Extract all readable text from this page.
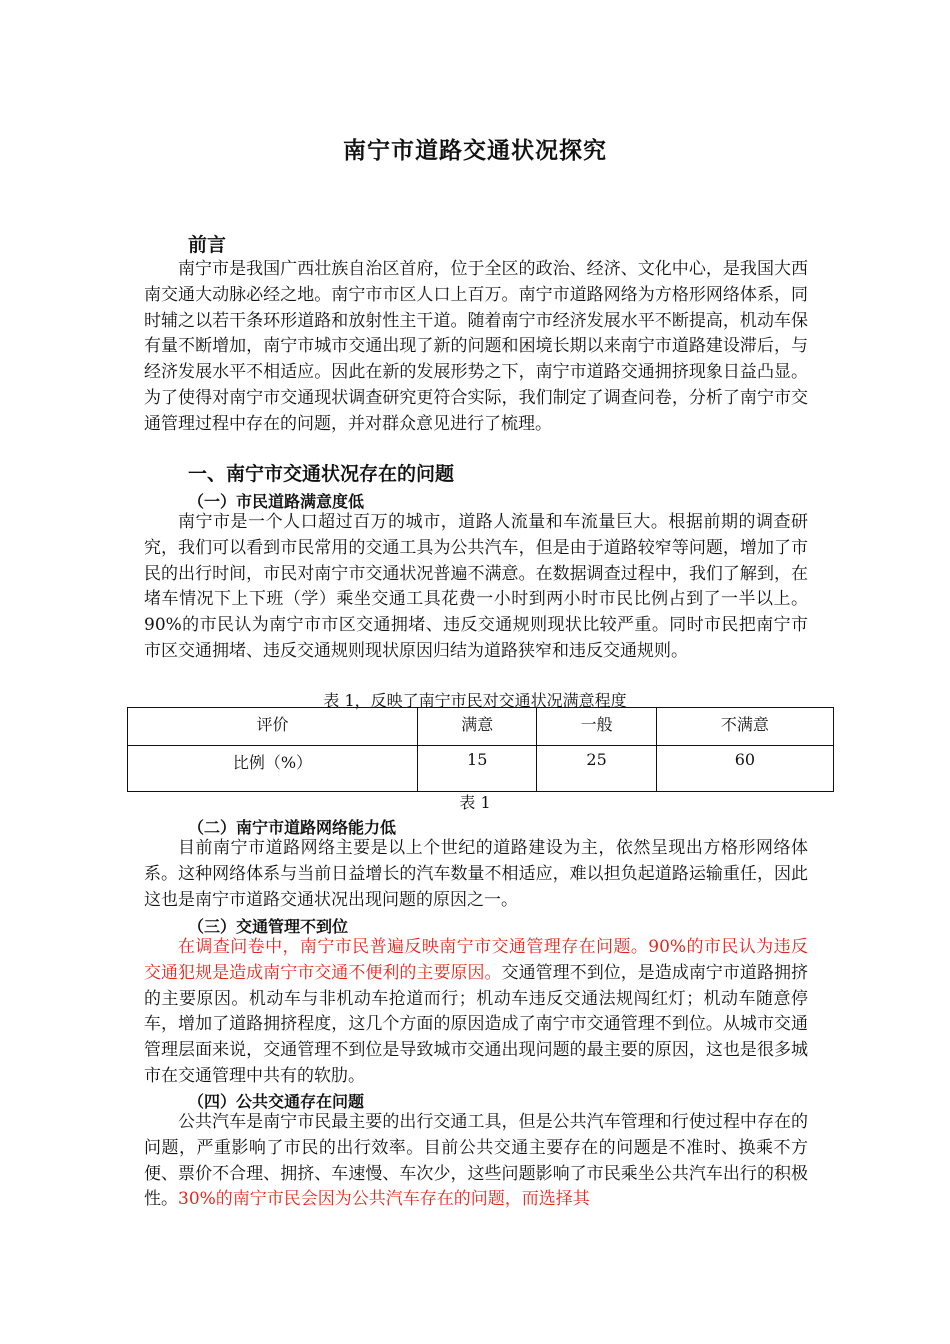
南宁市道路交通状况探究
前言

南宁市是我国广西壮族自治区首府，位于全区的政治、经济、文化中心，是我国大西南交通大动脉必经之地。南宁市市区人口上百万。南宁市道路网络为方格形网络体系，同时辅之以若干条环形道路和放射性主干道。随着南宁市经济发展水平不断提高，机动车保有量不断增加，南宁市城市交通出现了新的问题和困境长期以来南宁市道路建设滞后，与经济发展水平不相适应。因此在新的发展形势之下，南宁市道路交通拥挤现象日益凸显。为了使得对南宁市交通现状调查研究更符合实际，我们制定了调查问卷，分析了南宁市交通管理过程中存在的问题，并对群众意见进行了梳理。

一、南宁市交通状况存在的问题
（一）市民道路满意度低

南宁市是一个人口超过百万的城市，道路人流量和车流量巨大。根据前期的调查研究，我们可以看到市民常用的交通工具为公共汽车，但是由于道路较窄等问题，增加了市民的出行时间，市民对南宁市交通状况普遍不满意。在数据调查过程中，我们了解到，在堵车情况下上下班（学）乘坐交通工具花费一小时到两小时市民比例占到了一半以上。90%的市民认为南宁市市区交通拥堵、违反交通规则现状比较严重。同时市民把南宁市市区交通拥堵、违反交通规则现状原因归结为道路狭窄和违反交通规则。

表 1，反映了南宁市民对交通状况满意程度
评价	满意	一般	不满意
比例（%）	15	25	60
表 1
（二）南宁市道路网络能力低

目前南宁市道路网络主要是以上个世纪的道路建设为主，依然呈现出方格形网络体系。这种网络体系与当前日益增长的汽车数量不相适应，难以担负起道路运输重任，因此这也是南宁市道路交通状况出现问题的原因之一。

（三）交通管理不到位

在调查问卷中，南宁市民普遍反映南宁市交通管理存在问题。90%的市民认为违反交通犯规是造成南宁市交通不便利的主要原因。交通管理不到位，是造成南宁市道路拥挤的主要原因。机动车与非机动车抢道而行；机动车违反交通法规闯红灯；机动车随意停车，增加了道路拥挤程度，这几个方面的原因造成了南宁市交通管理不到位。从城市交通管理层面来说，交通管理不到位是导致城市交通出现问题的最主要的原因，这也是很多城市在交通管理中共有的软肋。

（四）公共交通存在问题

公共汽车是南宁市民最主要的出行交通工具，但是公共汽车管理和行使过程中存在的问题，严重影响了市民的出行效率。目前公共交通主要存在的问题是不准时、换乘不方便、票价不合理、拥挤、车速慢、车次少，这些问题影响了市民乘坐公共汽车出行的积极性。30%的南宁市民会因为公共汽车存在的问题，而选择其
